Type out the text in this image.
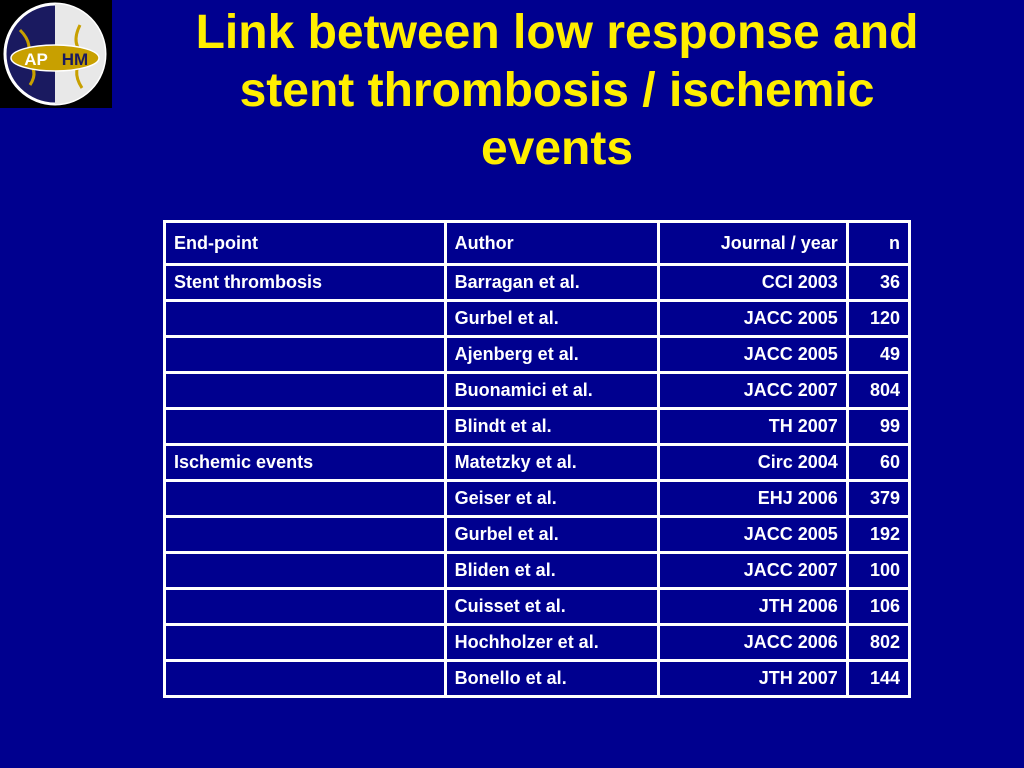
AP HM
Link between low response and
stent thrombosis / ischemic
events
End-point	Author	Journal / year	n
Stent thrombosis	Barragan et al.	CCI 2003	36
	Gurbel et al.	JACC 2005	120
	Ajenberg et al.	JACC 2005	49
	Buonamici et al.	JACC 2007	804
	Blindt et al.	TH 2007	99
Ischemic events	Matetzky et al.	Circ 2004	60
	Geiser et al.	EHJ 2006	379
	Gurbel et al.	JACC 2005	192
	Bliden et al.	JACC 2007	100
	Cuisset et al.	JTH 2006	106
	Hochholzer et al.	JACC 2006	802
	Bonello et al.	JTH 2007	144
